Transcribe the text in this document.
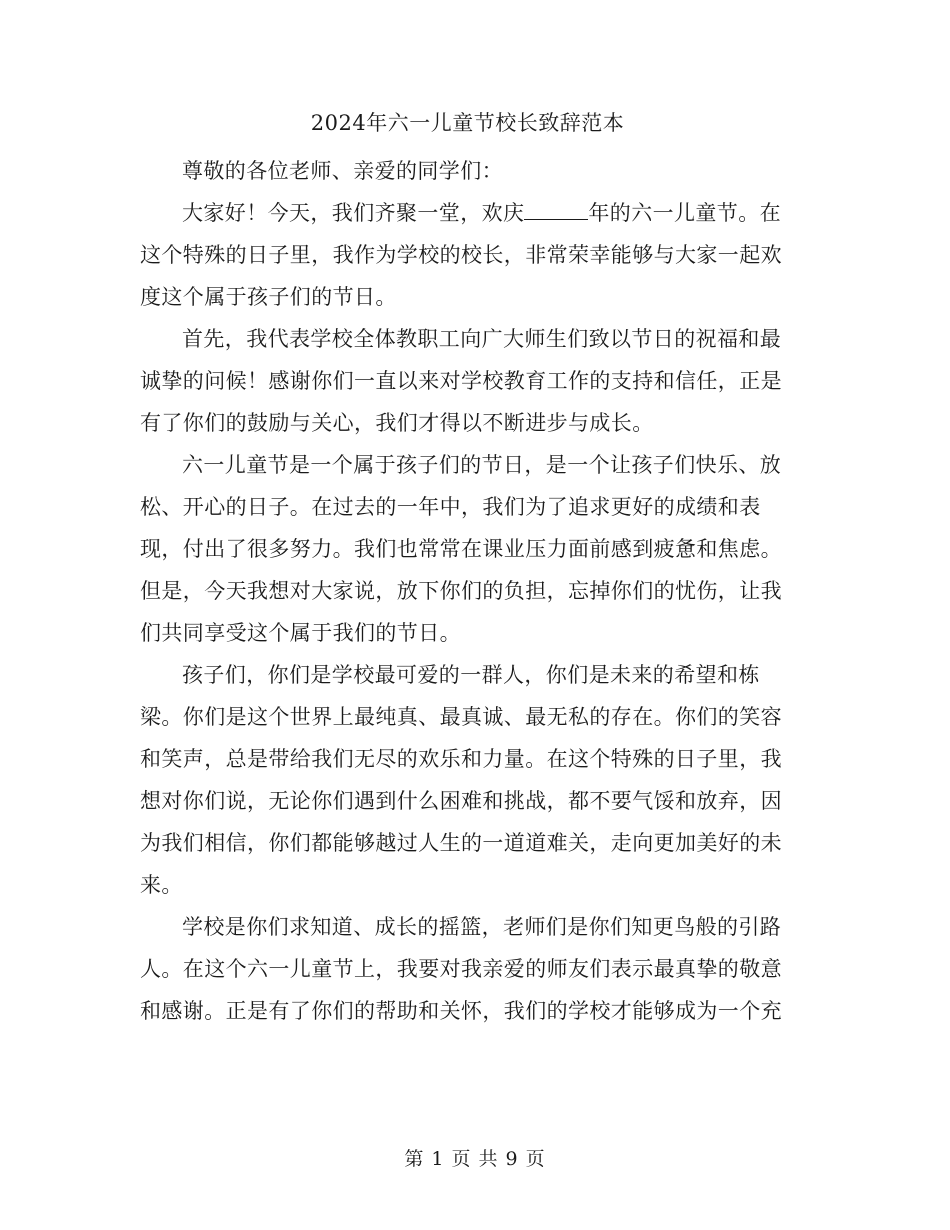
2024年六一儿童节校长致辞范本

尊敬的各位老师、亲爱的同学们：

大家好！今天，我们齐聚一堂，欢庆	年的六一儿童节。在这个特殊的日子里，我作为学校的校长，非常荣幸能够与大家一起欢度这个属于孩子们的节日。

首先，我代表学校全体教职工向广大师生们致以节日的祝福和最诚挚的问候！感谢你们一直以来对学校教育工作的支持和信任，正是有了你们的鼓励与关心，我们才得以不断进步与成长。

六一儿童节是一个属于孩子们的节日，是一个让孩子们快乐、放松、开心的日子。在过去的一年中，我们为了追求更好的成绩和表现，付出了很多努力。我们也常常在课业压力面前感到疲惫和焦虑。但是，今天我想对大家说，放下你们的负担，忘掉你们的忧伤，让我们共同享受这个属于我们的节日。

孩子们，你们是学校最可爱的一群人，你们是未来的希望和栋梁。你们是这个世界上最纯真、最真诚、最无私的存在。你们的笑容和笑声，总是带给我们无尽的欢乐和力量。在这个特殊的日子里，我想对你们说，无论你们遇到什么困难和挑战，都不要气馁和放弃，因为我们相信，你们都能够越过人生的一道道难关，走向更加美好的未来。

学校是你们求知道、成长的摇篮，老师们是你们知更鸟般的引路人。在这个六一儿童节上，我要对我亲爱的师友们表示最真挚的敬意和感谢。正是有了你们的帮助和关怀，我们的学校才能够成为一个充

第 1 页 共 9 页
